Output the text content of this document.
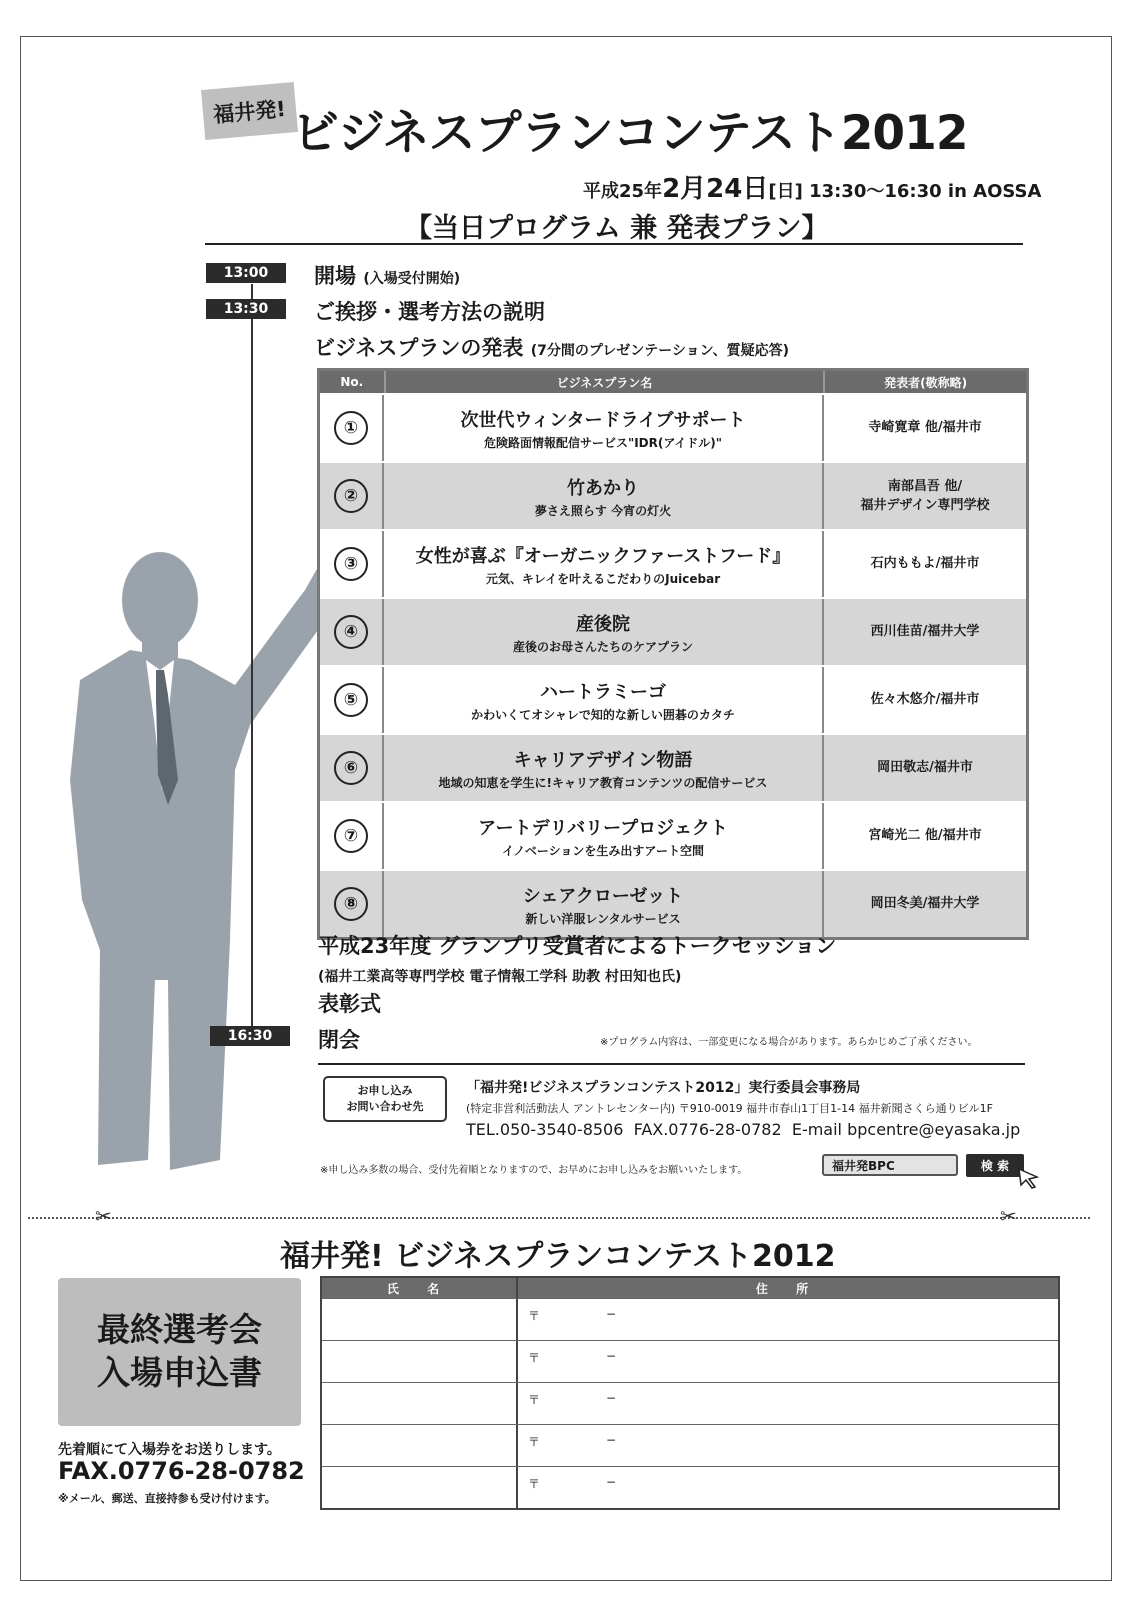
福井発! ビジネスプランコンテスト2012
平成25年2月24日[日] 13:30〜16:30 in AOSSA
【当日プログラム 兼 発表プラン】
13:00
13:30
16:30
開場 (入場受付開始)
ご挨拶・選考方法の説明
ビジネスプランの発表 (7分間のプレゼンテーション、質疑応答)
No.	ビジネスプラン名	発表者(敬称略)
①	次世代ウィンタードライブサポート
危険路面情報配信サービス"IDR(アイドル)"
寺崎寛章 他/福井市
②	竹あかり
夢さえ照らす 今宵の灯火
南部昌吾 他/
福井デザイン専門学校
③	女性が喜ぶ『オーガニックファーストフード』
元気、キレイを叶えるこだわりのJuicebar
石内ももよ/福井市
④	産後院
産後のお母さんたちのケアプラン
西川佳苗/福井大学
⑤	ハートラミーゴ
かわいくてオシャレで知的な新しい囲碁のカタチ
佐々木悠介/福井市
⑥	キャリアデザイン物語
地域の知恵を学生に!キャリア教育コンテンツの配信サービス
岡田敬志/福井市
⑦	アートデリバリープロジェクト
イノベーションを生み出すアート空間
宮崎光二 他/福井市
⑧	シェアクローゼット
新しい洋服レンタルサービス
岡田冬美/福井大学
平成23年度 グランプリ受賞者によるトークセッション
(福井工業高等専門学校 電子情報工学科 助教 村田知也氏)
表彰式
閉会	※プログラム内容は、一部変更になる場合があります。あらかじめご了承ください。
お申し込み
お問い合わせ先
「福井発!ビジネスプランコンテスト2012」実行委員会事務局
(特定非営利活動法人 アントレセンター内) 〒910-0019 福井市春山1丁目1-14 福井新聞さくら通りビル1F
TEL.050-3540-8506 FAX.0776-28-0782 E-mail bpcentre@eyasaka.jp
※申し込み多数の場合、受付先着順となりますので、お早めにお申し込みをお願いいたします。	福井発BPC	検 索
✂	✂
福井発! ビジネスプランコンテスト2012
最終選考会
入場申込書
先着順にて入場券をお送りします。
FAX.0776-28-0782
※メール、郵送、直接持参も受け付けます。
氏 名	住 所
〒	−
〒	−
〒	−
〒	−
〒	−
